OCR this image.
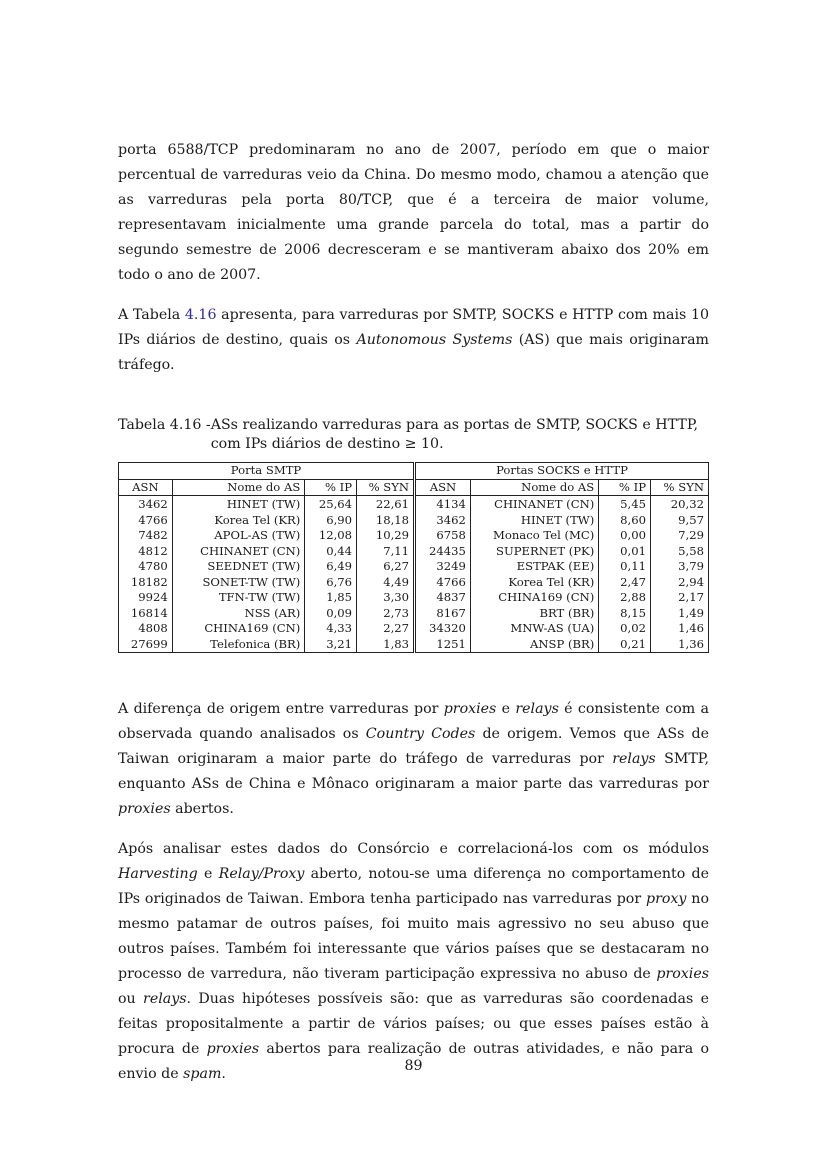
porta 6588/TCP predominaram no ano de 2007, período em que o maior percentual de varreduras veio da China. Do mesmo modo, chamou a atenção que as varreduras pela porta 80/TCP, que é a terceira de maior volume, representavam inicialmente uma grande parcela do total, mas a partir do segundo semestre de 2006 decresceram e se mantiveram abaixo dos 20% em todo o ano de 2007.

A Tabela 4.16 apresenta, para varreduras por SMTP, SOCKS e HTTP com mais 10 IPs diários de destino, quais os Autonomous Systems (AS) que mais originaram tráfego.

Tabela 4.16 - ASs realizando varreduras para as portas de SMTP, SOCKS e HTTP, com IPs diários de destino ≥ 10.
Porta SMTP				Portas SOCKS e HTTP			
ASN	Nome do AS	% IP	% SYN	ASN	Nome do AS	% IP	% SYN
3462	HINET (TW)	25,64	22,61	4134	CHINANET (CN)	5,45	20,32
4766	Korea Tel (KR)	6,90	18,18	3462	HINET (TW)	8,60	9,57
7482	APOL-AS (TW)	12,08	10,29	6758	Monaco Tel (MC)	0,00	7,29
4812	CHINANET (CN)	0,44	7,11	24435	SUPERNET (PK)	0,01	5,58
4780	SEEDNET (TW)	6,49	6,27	3249	ESTPAK (EE)	0,11	3,79
18182	SONET-TW (TW)	6,76	4,49	4766	Korea Tel (KR)	2,47	2,94
9924	TFN-TW (TW)	1,85	3,30	4837	CHINA169 (CN)	2,88	2,17
16814	NSS (AR)	0,09	2,73	8167	BRT (BR)	8,15	1,49
4808	CHINA169 (CN)	4,33	2,27	34320	MNW-AS (UA)	0,02	1,46
27699	Telefonica (BR)	3,21	1,83	1251	ANSP (BR)	0,21	1,36

A diferença de origem entre varreduras por proxies e relays é consistente com a observada quando analisados os Country Codes de origem. Vemos que ASs de Taiwan originaram a maior parte do tráfego de varreduras por relays SMTP, enquanto ASs de China e Mônaco originaram a maior parte das varreduras por proxies abertos.

Após analisar estes dados do Consórcio e correlacioná-los com os módulos Harvesting e Relay/Proxy aberto, notou-se uma diferença no comportamento de IPs originados de Taiwan. Embora tenha participado nas varreduras por proxy no mesmo patamar de outros países, foi muito mais agressivo no seu abuso que outros países. Também foi interessante que vários países que se destacaram no processo de varredura, não tiveram participação expressiva no abuso de proxies ou relays. Duas hipóteses possíveis são: que as varreduras são coordenadas e feitas propositalmente a partir de vários países; ou que esses países estão à procura de proxies abertos para realização de outras atividades, e não para o envio de spam.	89
